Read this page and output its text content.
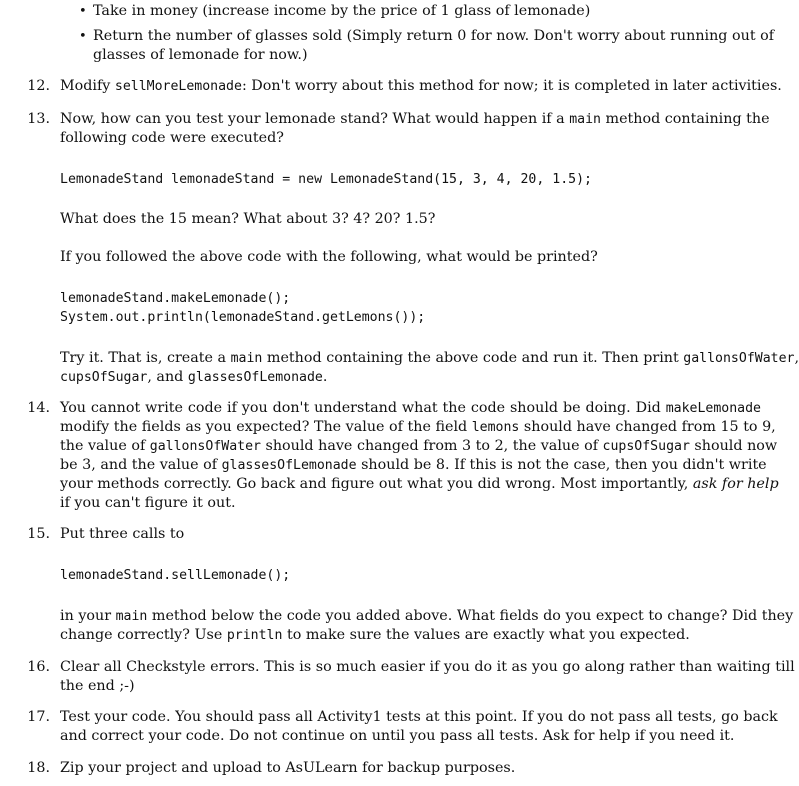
• Take in money (increase income by the price of 1 glass of lemonade)
• Return the number of glasses sold (Simply return 0 for now. Don't worry about running out of
glasses of lemonade for now.)
12. Modify sellMoreLemonade: Don't worry about this method for now; it is completed in later activities.
13. Now, how can you test your lemonade stand? What would happen if a main method containing the
following code were executed?
LemonadeStand lemonadeStand = new LemonadeStand(15, 3, 4, 20, 1.5);
What does the 15 mean? What about 3? 4? 20? 1.5?
If you followed the above code with the following, what would be printed?
lemonadeStand.makeLemonade();
System.out.println(lemonadeStand.getLemons());
Try it. That is, create a main method containing the above code and run it. Then print gallonsOfWater,
cupsOfSugar, and glassesOfLemonade.
14. You cannot write code if you don't understand what the code should be doing. Did makeLemonade
modify the fields as you expected? The value of the field lemons should have changed from 15 to 9,
the value of gallonsOfWater should have changed from 3 to 2, the value of cupsOfSugar should now
be 3, and the value of glassesOfLemonade should be 8. If this is not the case, then you didn't write
your methods correctly. Go back and figure out what you did wrong. Most importantly, ask for help
if you can't figure it out.
15. Put three calls to
lemonadeStand.sellLemonade();
in your main method below the code you added above. What fields do you expect to change? Did they
change correctly? Use println to make sure the values are exactly what you expected.
16. Clear all Checkstyle errors. This is so much easier if you do it as you go along rather than waiting till
the end ;-)
17. Test your code. You should pass all Activity1 tests at this point. If you do not pass all tests, go back
and correct your code. Do not continue on until you pass all tests. Ask for help if you need it.
18. Zip your project and upload to AsULearn for backup purposes.
